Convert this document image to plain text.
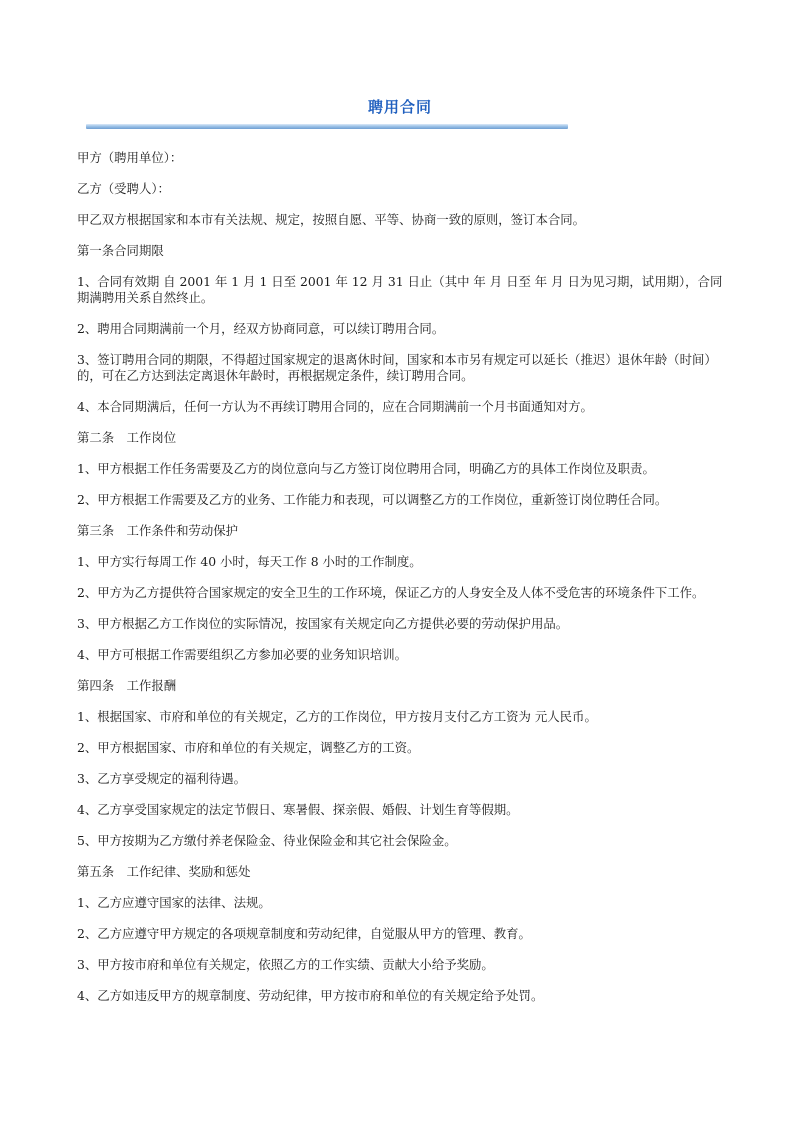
聘用合同

甲方（聘用单位）：

乙方（受聘人）：

甲乙双方根据国家和本市有关法规、规定，按照自愿、平等、协商一致的原则，签订本合同。

第一条合同期限

1、合同有效期 自 2001 年 1 月 1 日至 2001 年 12 月 31 日止（其中 年 月 日至 年 月 日为见习期，试用期），合同期满聘用关系自然终止。

2、聘用合同期满前一个月，经双方协商同意，可以续订聘用合同。

3、签订聘用合同的期限，不得超过国家规定的退离休时间，国家和本市另有规定可以延长（推迟）退休年龄（时间）的，可在乙方达到法定离退休年龄时，再根据规定条件，续订聘用合同。

4、本合同期满后，任何一方认为不再续订聘用合同的，应在合同期满前一个月书面通知对方。

第二条　工作岗位

1、甲方根据工作任务需要及乙方的岗位意向与乙方签订岗位聘用合同，明确乙方的具体工作岗位及职责。

2、甲方根据工作需要及乙方的业务、工作能力和表现，可以调整乙方的工作岗位，重新签订岗位聘任合同。

第三条　工作条件和劳动保护

1、甲方实行每周工作 40 小时，每天工作 8 小时的工作制度。

2、甲方为乙方提供符合国家规定的安全卫生的工作环境，保证乙方的人身安全及人体不受危害的环境条件下工作。

3、甲方根据乙方工作岗位的实际情况，按国家有关规定向乙方提供必要的劳动保护用品。

4、甲方可根据工作需要组织乙方参加必要的业务知识培训。

第四条　工作报酬

1、根据国家、市府和单位的有关规定，乙方的工作岗位，甲方按月支付乙方工资为 元人民币。

2、甲方根据国家、市府和单位的有关规定，调整乙方的工资。

3、乙方享受规定的福利待遇。

4、乙方享受国家规定的法定节假日、寒暑假、探亲假、婚假、计划生育等假期。

5、甲方按期为乙方缴付养老保险金、待业保险金和其它社会保险金。

第五条　工作纪律、奖励和惩处

1、乙方应遵守国家的法律、法规。

2、乙方应遵守甲方规定的各项规章制度和劳动纪律，自觉服从甲方的管理、教育。

3、甲方按市府和单位有关规定，依照乙方的工作实绩、贡献大小给予奖励。

4、乙方如违反甲方的规章制度、劳动纪律，甲方按市府和单位的有关规定给予处罚。
